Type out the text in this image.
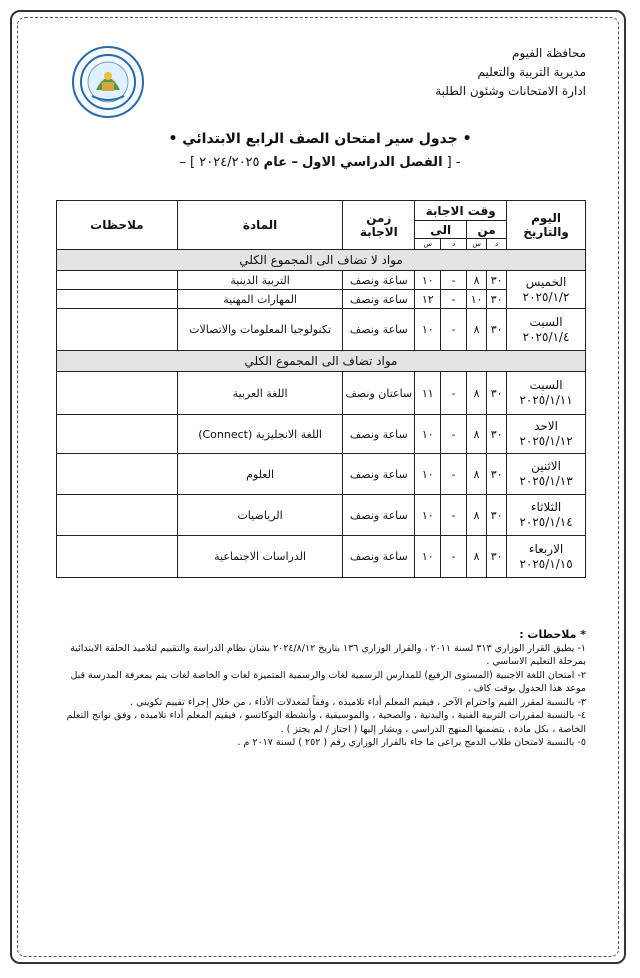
محافظة الفيوم
مديرية التربية والتعليم
ادارة الامتحانات وشئون الطلبة
• جدول سير امتحان الصف الرابع الابتدائي •
- [ الفصل الدراسي الاول – عام ٢٠٢٤/٢٠٢٥ ] –
اليوم والتاريخ	وقت الاجابة				زمن الاجابة	المادة	ملاحظات
	من		الى				
	د	س	د	س			
مواد لا تضاف الى المجموع الكلي							

الخميس
٢٠٢٥/١/٢	٣٠	٨	-	١٠	ساعة ونصف	التربية الدينية	
	٣٠	١٠	-	١٢	ساعة ونصف	المهارات المهنية	

السبت
٢٠٢٥/١/٤	٣٠	٨	-	١٠	ساعة ونصف	تكنولوجيا المعلومات والاتصالات	
مواد تضاف الى المجموع الكلي							

السبت
٢٠٢٥/١/١١	٣٠	٨	-	١١	ساعتان ونصف	اللغة العربية	

الاحد
٢٠٢٥/١/١٢	٣٠	٨	-	١٠	ساعة ونصف	اللغة الانجليزية (Connect)	

الاثنين
٢٠٢٥/١/١٣	٣٠	٨	-	١٠	ساعة ونصف	العلوم	

الثلاثاء
٢٠٢٥/١/١٤	٣٠	٨	-	١٠	ساعة ونصف	الرياضيات	

الاربعاء
٢٠٢٥/١/١٥	٣٠	٨	-	١٠	ساعة ونصف	الدراسات الاجتماعية	

* ملاحظات :

١- يطبق القرار الوزاري ٣١٣ لسنة ٢٠١١ ، والقرار الوزاري ١٣٦ بتاريخ ٢٠٢٤/٨/١٢ بشان نظام الدراسة والتقييم لتلاميذ الحلقة الابتدائية بمرحلة التعليم الاساسي .

٢- امتحان اللغة الاجنبية (المستوى الرفيع) للمدارس الرسمية لغات والرسمية المتميزة لغات و الخاصة لغات يتم بمعرفة المدرسة قبل موعد هذا الجدول بوقت كاف .

٣- بالنسبة لمقرر القيم واحترام الآخر ، فيقيم المعلم أداء تلاميذه ، وفقاً لمعدلات الأداء ، من خلال إجراء تقييم تكويني .

٤- بالنسبة لمقررات التربية الفنية ، والبدنية ، والصحية ، والموسيقية ، وأنشطة التوكاتسو ، فيقيم المعلم أداء تلاميذه ، وفق نواتج التعلم الخاصة ، بكل مادة ، يتضمنها المنهج الدراسي ، ويشار إليها ( اجتاز / لم يجتز ) .

٥- بالنسبة لامتحان طلاب الدمج يراعى ما جاء بالقرار الوزاري رقم ( ٢٥٢ ) لسنة ٢٠١٧ م .
